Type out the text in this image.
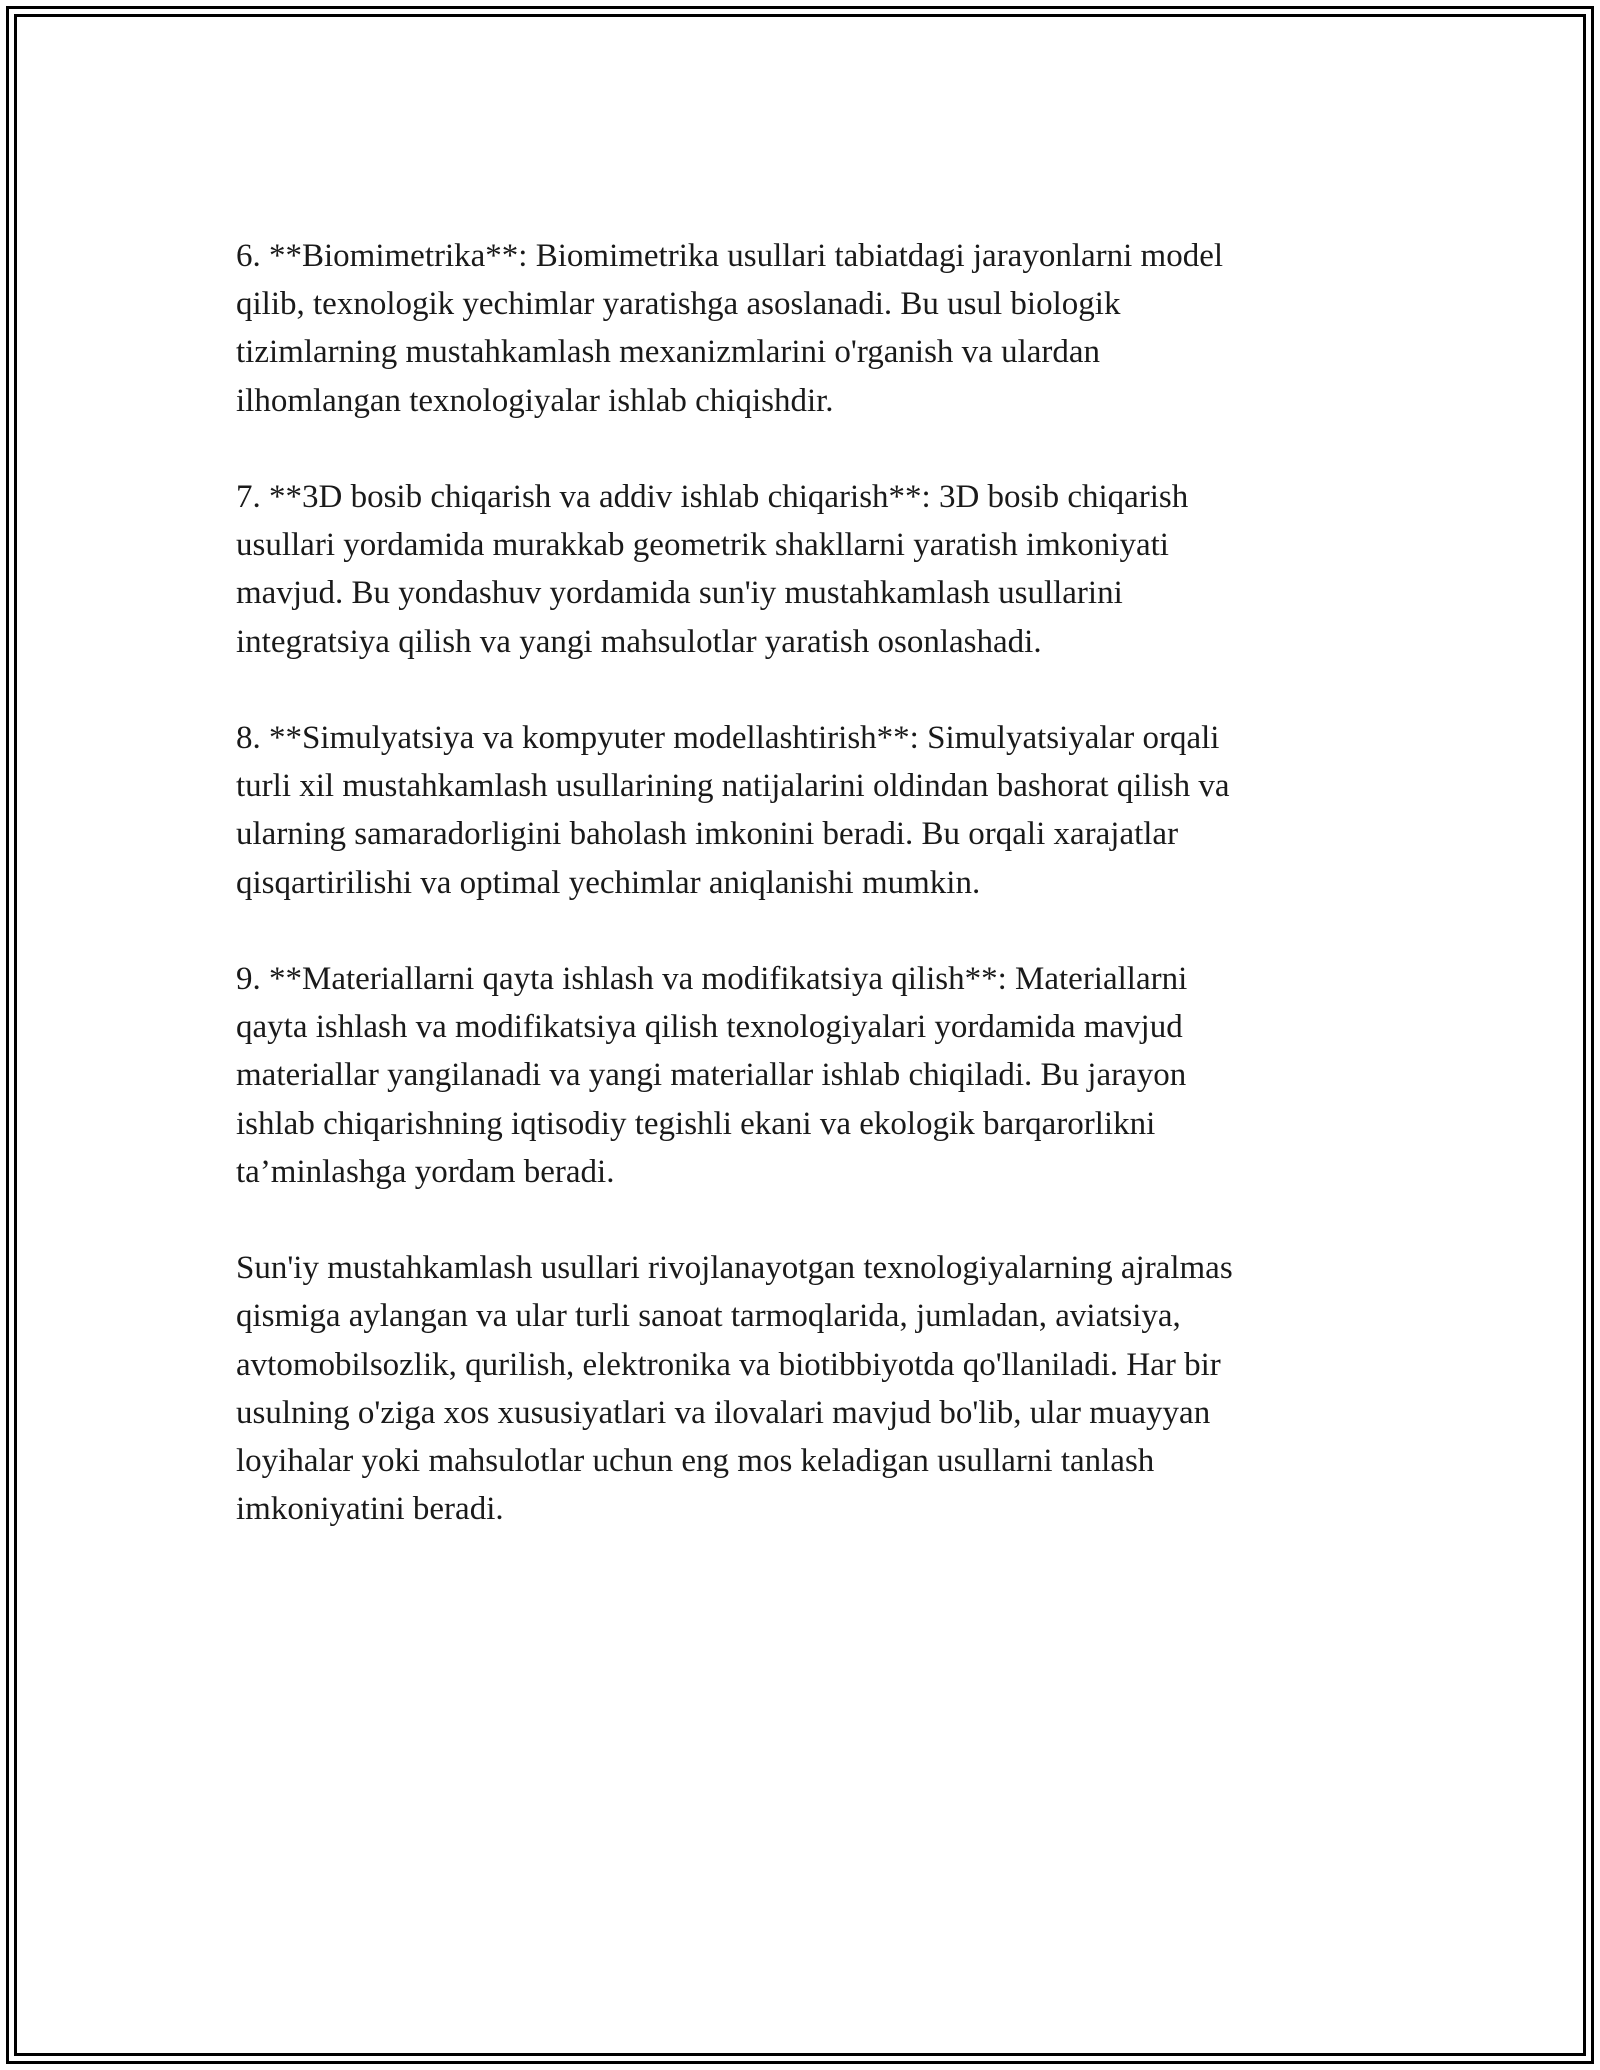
6. **Biomimetrika**: Biomimetrika usullari tabiatdagi jarayonlarni model
qilib, texnologik yechimlar yaratishga asoslanadi. Bu usul biologik
tizimlarning mustahkamlash mexanizmlarini o'rganish va ulardan
ilhomlangan texnologiyalar ishlab chiqishdir.

7. **3D bosib chiqarish va addiv ishlab chiqarish**: 3D bosib chiqarish
usullari yordamida murakkab geometrik shakllarni yaratish imkoniyati
mavjud. Bu yondashuv yordamida sun'iy mustahkamlash usullarini
integratsiya qilish va yangi mahsulotlar yaratish osonlashadi.

8. **Simulyatsiya va kompyuter modellashtirish**: Simulyatsiyalar orqali
turli xil mustahkamlash usullarining natijalarini oldindan bashorat qilish va
ularning samaradorligini baholash imkonini beradi. Bu orqali xarajatlar
qisqartirilishi va optimal yechimlar aniqlanishi mumkin.

9. **Materiallarni qayta ishlash va modifikatsiya qilish**: Materiallarni
qayta ishlash va modifikatsiya qilish texnologiyalari yordamida mavjud
materiallar yangilanadi va yangi materiallar ishlab chiqiladi. Bu jarayon
ishlab chiqarishning iqtisodiy tegishli ekani va ekologik barqarorlikni
ta’minlashga yordam beradi.

Sun'iy mustahkamlash usullari rivojlanayotgan texnologiyalarning ajralmas
qismiga aylangan va ular turli sanoat tarmoqlarida, jumladan, aviatsiya,
avtomobilsozlik, qurilish, elektronika va biotibbiyotda qo'llaniladi. Har bir
usulning o'ziga xos xususiyatlari va ilovalari mavjud bo'lib, ular muayyan
loyihalar yoki mahsulotlar uchun eng mos keladigan usullarni tanlash
imkoniyatini beradi.
